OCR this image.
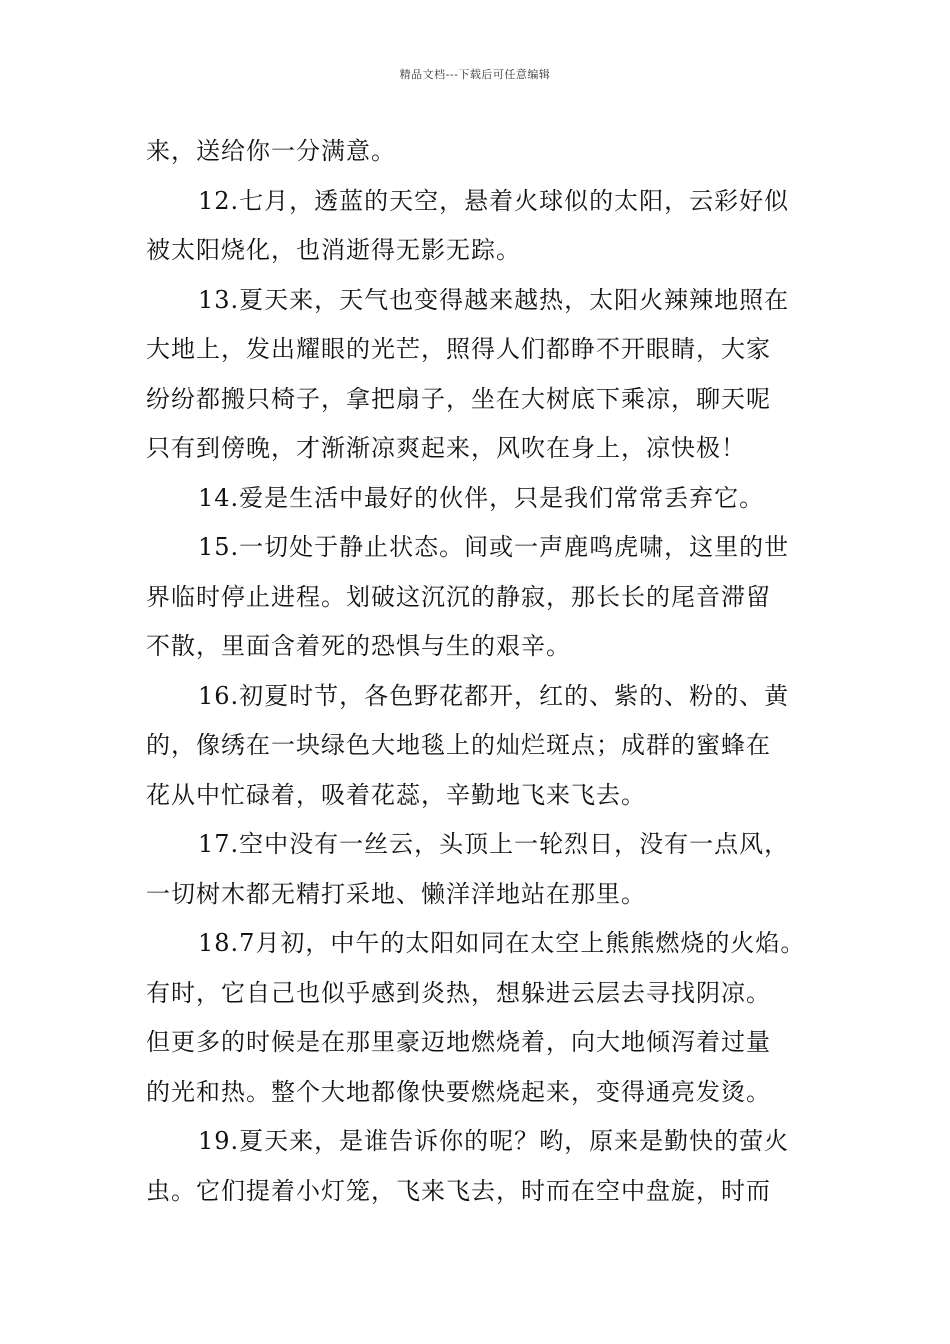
精品文档---下载后可任意编辑
来，送给你一分满意。
12.七月，透蓝的天空，悬着火球似的太阳，云彩好似
被太阳烧化，也消逝得无影无踪。
13.夏天来，天气也变得越来越热，太阳火辣辣地照在
大地上，发出耀眼的光芒，照得人们都睁不开眼睛，大家
纷纷都搬只椅子，拿把扇子，坐在大树底下乘凉，聊天呢
只有到傍晚，才渐渐凉爽起来，风吹在身上，凉快极！
14.爱是生活中最好的伙伴，只是我们常常丢弃它。
15.一切处于静止状态。间或一声鹿鸣虎啸，这里的世
界临时停止进程。划破这沉沉的静寂，那长长的尾音滞留
不散，里面含着死的恐惧与生的艰辛。
16.初夏时节，各色野花都开，红的、紫的、粉的、黄
的，像绣在一块绿色大地毯上的灿烂斑点；成群的蜜蜂在
花从中忙碌着，吸着花蕊，辛勤地飞来飞去。
17.空中没有一丝云，头顶上一轮烈日，没有一点风，
一切树木都无精打采地、懒洋洋地站在那里。
18.7月初，中午的太阳如同在太空上熊熊燃烧的火焰。
有时，它自己也似乎感到炎热，想躲进云层去寻找阴凉。
但更多的时候是在那里豪迈地燃烧着，向大地倾泻着过量
的光和热。整个大地都像快要燃烧起来，变得通亮发烫。
19.夏天来，是谁告诉你的呢？哟，原来是勤快的萤火
虫。它们提着小灯笼，飞来飞去，时而在空中盘旋，时而
